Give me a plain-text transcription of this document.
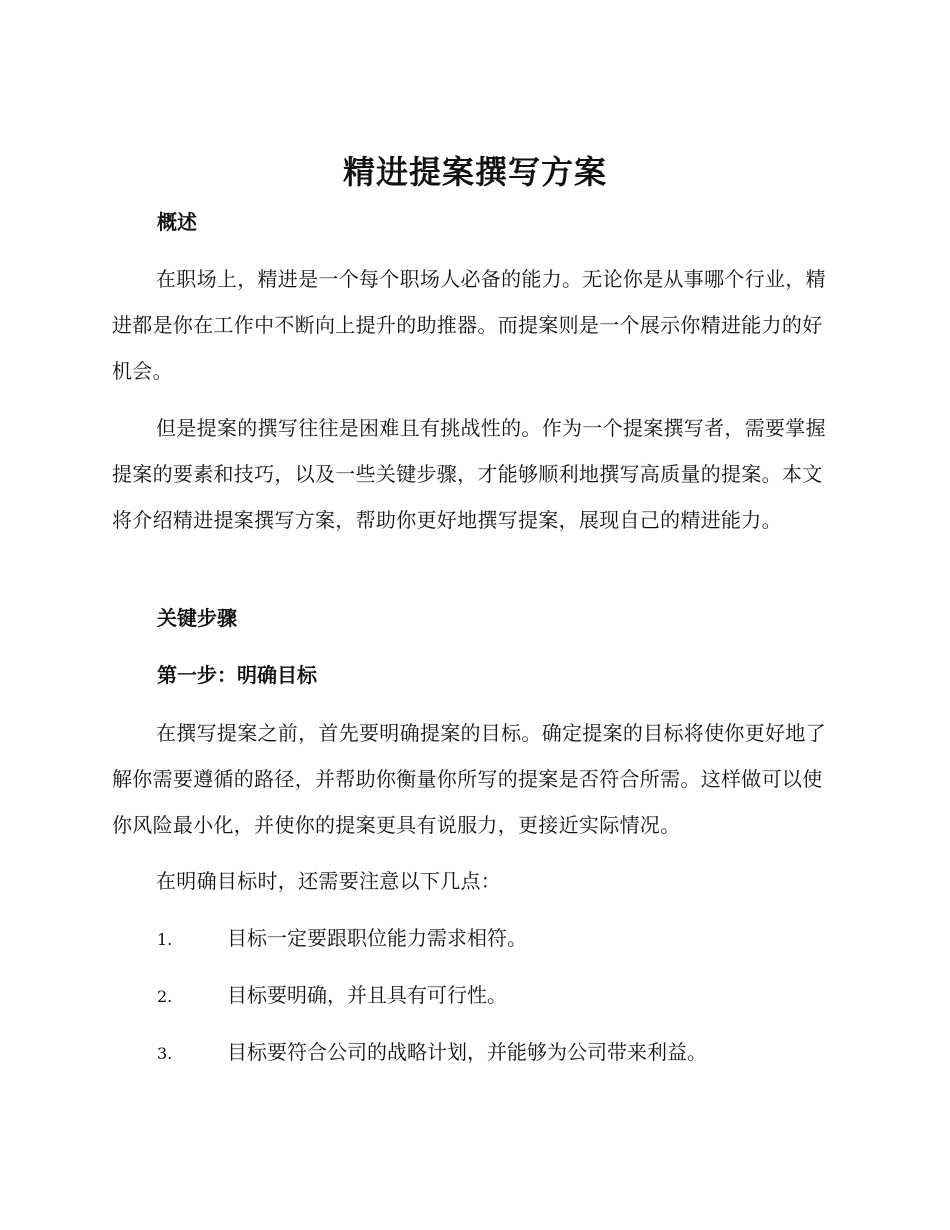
精进提案撰写方案
概述

在职场上，精进是一个每个职场人必备的能力。无论你是从事哪个行业，精进都是你在工作中不断向上提升的助推器。而提案则是一个展示你精进能力的好机会。

但是提案的撰写往往是困难且有挑战性的。作为一个提案撰写者，需要掌握提案的要素和技巧，以及一些关键步骤，才能够顺利地撰写高质量的提案。本文将介绍精进提案撰写方案，帮助你更好地撰写提案，展现自己的精进能力。

关键步骤
第一步：明确目标

在撰写提案之前，首先要明确提案的目标。确定提案的目标将使你更好地了解你需要遵循的路径，并帮助你衡量你所写的提案是否符合所需。这样做可以使你风险最小化，并使你的提案更具有说服力，更接近实际情况。

在明确目标时，还需要注意以下几点：

1.	目标一定要跟职位能力需求相符。
2.	目标要明确，并且具有可行性。
3.	目标要符合公司的战略计划，并能够为公司带来利益。
